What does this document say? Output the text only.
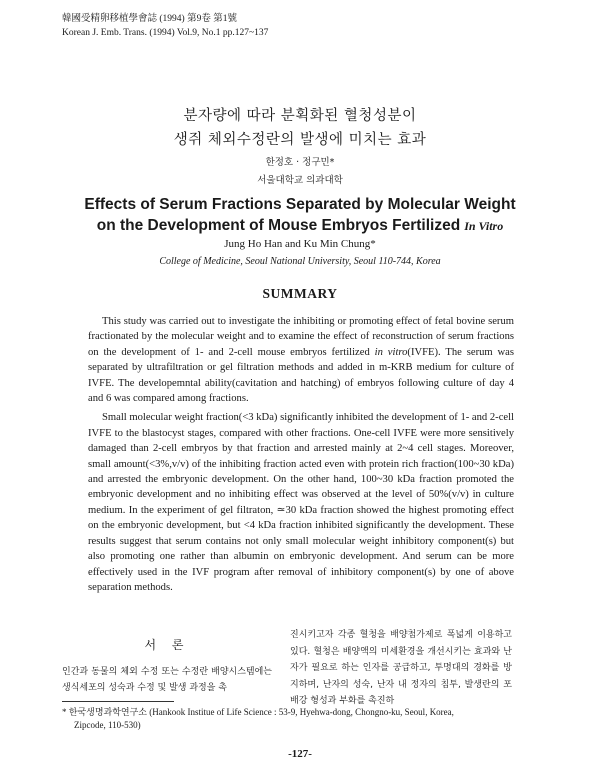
韓國受精卵移植學會誌 (1994) 第9卷 第1號
Korean J. Emb. Trans. (1994) Vol.9, No.1 pp.127~137
분자량에 따라 분획화된 혈청성분이
생쥐 체외수정란의 발생에 미치는 효과
한정호 · 정구민*
서울대학교 의과대학
Effects of Serum Fractions Separated by Molecular Weight
on the Development of Mouse Embryos Fertilized In Vitro
Jung Ho Han and Ku Min Chung*
College of Medicine, Seoul National University, Seoul 110-744, Korea
SUMMARY

This study was carried out to investigate the inhibiting or promoting effect of fetal bovine serum fractionated by the molecular weight and to examine the effect of reconstruction of serum fractions on the development of 1- and 2-cell mouse embryos fertilized in vitro(IVFE). The serum was separated by ultrafiltration or gel filtration methods and added in m-KRB medium for culture of IVFE. The developemntal ability(cavitation and hatching) of embryos following culture of day 4 and 6 was compared among fractions.

Small molecular weight fraction(<3 kDa) significantly inhibited the development of 1- and 2-cell IVFE to the blastocyst stages, compared with other fractions. One-cell IVFE were more sensitively damaged than 2-cell embryos by that fraction and arrested mainly at 2~4 cell stages. Moreover, small amount(<3%,v/v) of the inhibiting fraction acted even with protein rich fraction(100~30 kDa) and arrested the embryonic development. On the other hand, 100~30 kDa fraction promoted the embryonic development and no inhibiting effect was observed at the level of 50%(v/v) in culture medium. In the experiment of gel filtraton, ≃30 kDa fraction showed the highest promoting effect on the embryonic development, but <4 kDa fraction inhibited significantly the development. These results suggest that serum contains not only small molecular weight inhibitory component(s) but also promoting one rather than albumin on embryonic development. And serum can be more effectively used in the IVF program after removal of inhibitory component(s) by one of above separation methods.

서 론

인간과 동물의 체외 수정 또는 수정란 배양시스템에는 생식세포의 성숙과 수정 및 발생 과정을 촉

진시키고자 각종 혈청을 배양첨가제로 폭넓게 이용하고 있다. 혈청은 배양액의 미세환경을 개선시키는 효과와 난자가 필요로 하는 인자를 공급하고, 투명대의 경화를 방지하며, 난자의 성숙, 난자 내 정자의 침투, 발생란의 포배강 형성과 부화를 촉진하

* 한국생명과학연구소 (Hankook Institue of Life Science : 53-9, Hyehwa-dong, Chongno-ku, Seoul, Korea,
Zipcode, 110-530)
-127-
